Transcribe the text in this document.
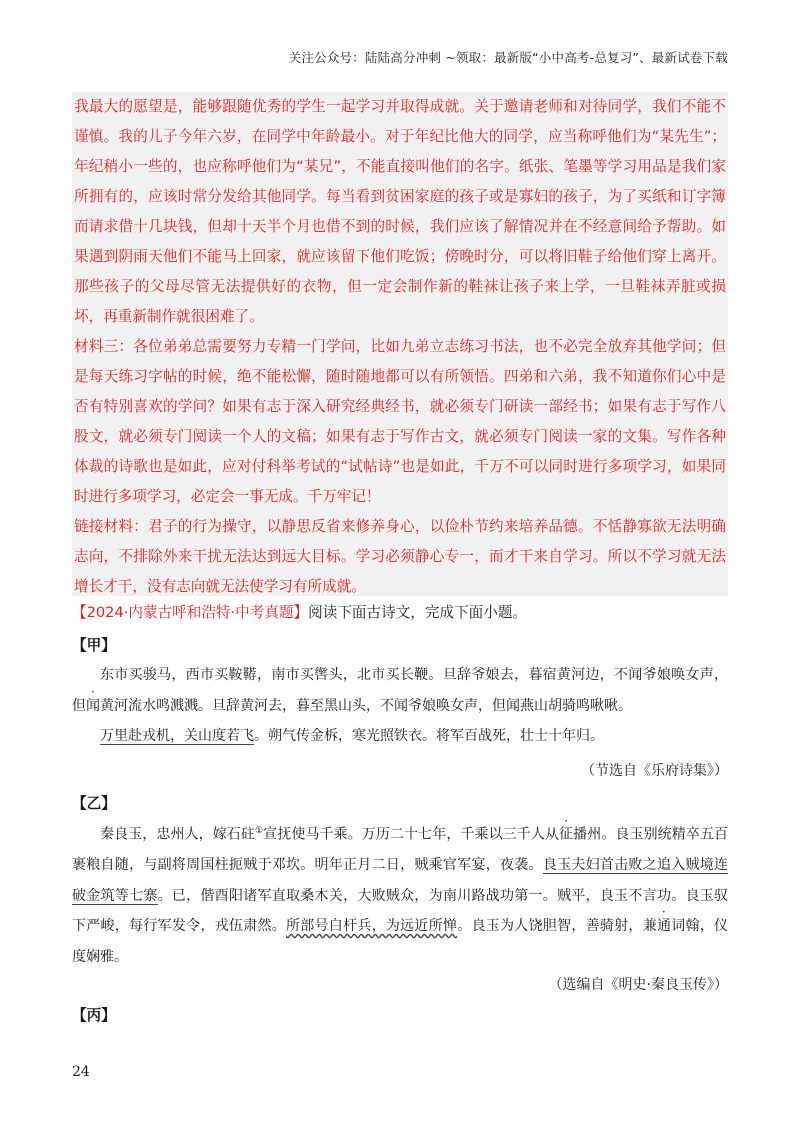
关注公众号：陆陆高分冲刺 ~领取：最新版“小中高考-总复习”、最新试卷下载

我最大的愿望是，能够跟随优秀的学生一起学习并取得成就。关于邀请老师和对待同学，我们不能不谨慎。我的儿子今年六岁，在同学中年龄最小。对于年纪比他大的同学，应当称呼他们为“某先生”；年纪稍小一些的，也应称呼他们为“某兄”，不能直接叫他们的名字。纸张、笔墨等学习用品是我们家所拥有的，应该时常分发给其他同学。每当看到贫困家庭的孩子或是寡妇的孩子，为了买纸和订字簿而请求借十几块钱，但却十天半个月也借不到的时候，我们应该了解情况并在不经意间给予帮助。如果遇到阴雨天他们不能马上回家，就应该留下他们吃饭；傍晚时分，可以将旧鞋子给他们穿上离开。那些孩子的父母尽管无法提供好的衣物，但一定会制作新的鞋袜让孩子来上学，一旦鞋袜弄脏或损坏，再重新制作就很困难了。

材料三：各位弟弟总需要努力专精一门学问，比如九弟立志练习书法，也不必完全放弃其他学问；但是每天练习字帖的时候，绝不能松懈，随时随地都可以有所领悟。四弟和六弟，我不知道你们心中是否有特别喜欢的学问？如果有志于深入研究经典经书，就必须专门研读一部经书；如果有志于写作八股文，就必须专门阅读一个人的文稿；如果有志于写作古文，就必须专门阅读一家的文集。写作各种体裁的诗歌也是如此，应对付科举考试的“试帖诗”也是如此，千万不可以同时进行多项学习，如果同时进行多项学习，必定会一事无成。千万牢记！

链接材料：君子的行为操守，以静思反省来修养身心，以俭朴节约来培养品德。不恬静寡欲无法明确志向，不排除外来干扰无法达到远大目标。学习必须静心专一，而才干来自学习。所以不学习就无法增长才干，没有志向就无法使学习有所成就。

【2024·内蒙古呼和浩特·中考真题】阅读下面古诗文，完成下面小题。
【甲】

东市买骏马，西市买鞍鞯，南市买辔头，北市买长鞭。旦辞爷娘去，暮宿黄河边，不闻爷娘唤女声，但闻黄河流水鸣溅溅。旦辞黄河去，暮至黑山头，不闻爷娘唤女声，但闻燕山胡骑鸣啾啾。

万里赴戎机，关山度若飞。朔气传金柝，寒光照铁衣。将军百战死，壮士十年归。

（节选自《乐府诗集》）
【乙】

秦良玉，忠州人，嫁石砫①宣抚使马千乘。万历二十七年，千乘以三千人从征播州。良玉别统精卒五百裹粮自随，与副将周国柱扼贼于邓坎。明年正月二日，贼乘官军宴，夜袭。良玉夫妇首击败之追入贼境连破金筑等七寨。已，偕酉阳诸军直取桑木关，大败贼众，为南川路战功第一。贼平，良玉不言功。良玉驭下严峻，每行军发令，戎伍肃然。所部号白杆兵，为远近所惮。良玉为人饶胆智，善骑射，兼通词翰，仪度娴雅。

（选编自《明史·秦良玉传》）
【丙】
24
